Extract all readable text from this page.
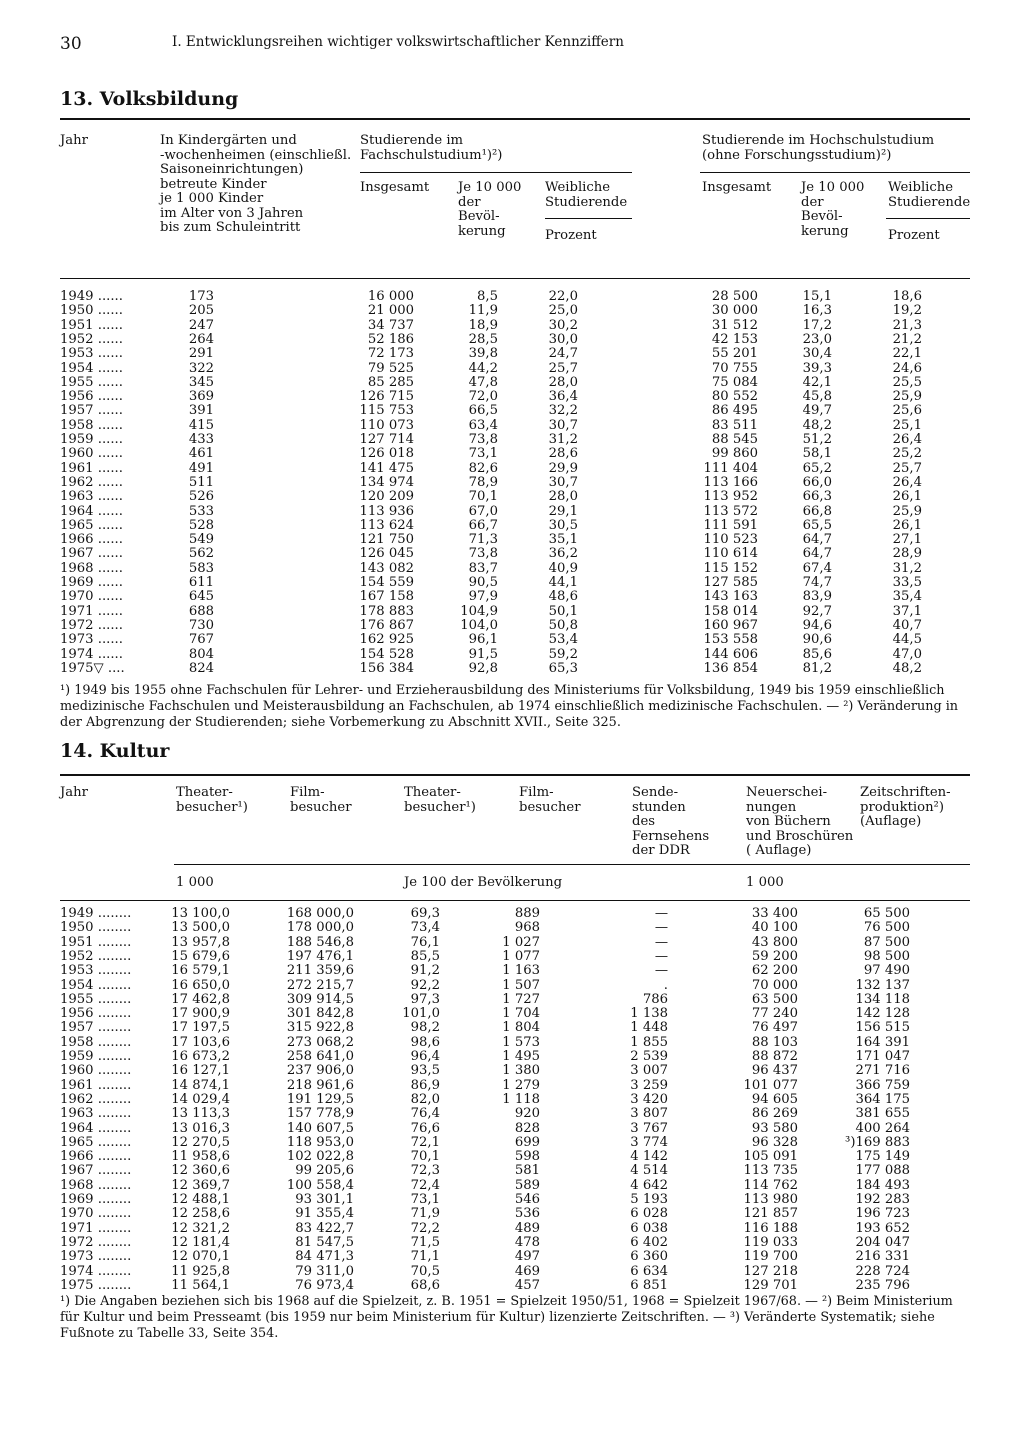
30	I. Entwicklungsreihen wichtiger volkswirtschaftlicher Kennziffern
13. Volksbildung
Jahr	In Kindergärten und
-wochenheimen (einschließl.
Saisoneinrichtungen)
betreute Kinder
je 1 000 Kinder
im Alter von 3 Jahren
bis zum Schuleintritt
Studierende im
Fachschulstudium¹)²)
Studierende im Hochschulstudium
(ohne Forschungsstudium)²)
Insgesamt Je 10 000
der
Bevöl-
kerung
Weibliche
Studierende
Prozent
Insgesamt Je 10 000
der
Bevöl-
kerung
Weibliche
Studierende
Prozent
1949 ......	173	16 000	8,5	22,0	28 500	15,1	18,6
1950 ......	205	21 000	11,9	25,0	30 000	16,3	19,2
1951 ......	247	34 737	18,9	30,2	31 512	17,2	21,3
1952 ......	264	52 186	28,5	30,0	42 153	23,0	21,2
1953 ......	291	72 173	39,8	24,7	55 201	30,4	22,1
1954 ......	322	79 525	44,2	25,7	70 755	39,3	24,6
1955 ......	345	85 285	47,8	28,0	75 084	42,1	25,5
1956 ......	369	126 715	72,0	36,4	80 552	45,8	25,9
1957 ......	391	115 753	66,5	32,2	86 495	49,7	25,6
1958 ......	415	110 073	63,4	30,7	83 511	48,2	25,1
1959 ......	433	127 714	73,8	31,2	88 545	51,2	26,4
1960 ......	461	126 018	73,1	28,6	99 860	58,1	25,2
1961 ......	491	141 475	82,6	29,9	111 404	65,2	25,7
1962 ......	511	134 974	78,9	30,7	113 166	66,0	26,4
1963 ......	526	120 209	70,1	28,0	113 952	66,3	26,1
1964 ......	533	113 936	67,0	29,1	113 572	66,8	25,9
1965 ......	528	113 624	66,7	30,5	111 591	65,5	26,1
1966 ......	549	121 750	71,3	35,1	110 523	64,7	27,1
1967 ......	562	126 045	73,8	36,2	110 614	64,7	28,9
1968 ......	583	143 082	83,7	40,9	115 152	67,4	31,2
1969 ......	611	154 559	90,5	44,1	127 585	74,7	33,5
1970 ......	645	167 158	97,9	48,6	143 163	83,9	35,4
1971 ......	688	178 883	104,9	50,1	158 014	92,7	37,1
1972 ......	730	176 867	104,0	50,8	160 967	94,6	40,7
1973 ......	767	162 925	96,1	53,4	153 558	90,6	44,5
1974 ......	804	154 528	91,5	59,2	144 606	85,6	47,0
1975▽ ....	824	156 384	92,8	65,3	136 854	81,2	48,2
¹) 1949 bis 1955 ohne Fachschulen für Lehrer- und Erzieherausbildung des Ministeriums für Volksbildung, 1949 bis 1959 einschließlich medizinische Fachschulen und Meisterausbildung an Fachschulen, ab 1974 einschließlich medizinische Fachschulen. — ²) Veränderung in der Abgrenzung der Studierenden; siehe Vorbemerkung zu Abschnitt XVII., Seite 325.
14. Kultur
Jahr	Theater-
besucher¹)
Film-
besucher
Theater-
besucher¹)
Film-
besucher
Sende-
stunden
des
Fernsehens
der DDR
Neuerschei-
nungen
von Büchern
und Broschüren
( Auflage)
Zeitschriften-
produktion²)
(Auflage)
1 000	Je 100 der Bevölkerung	1 000
1949 ........	13 100,0	168 000,0	69,3	889	—	33 400	65 500
1950 ........	13 500,0	178 000,0	73,4	968	—	40 100	76 500
1951 ........	13 957,8	188 546,8	76,1	1 027	—	43 800	87 500
1952 ........	15 679,6	197 476,1	85,5	1 077	—	59 200	98 500
1953 ........	16 579,1	211 359,6	91,2	1 163	—	62 200	97 490
1954 ........	16 650,0	272 215,7	92,2	1 507	.	70 000	132 137
1955 ........	17 462,8	309 914,5	97,3	1 727	786	63 500	134 118
1956 ........	17 900,9	301 842,8	101,0	1 704	1 138	77 240	142 128
1957 ........	17 197,5	315 922,8	98,2	1 804	1 448	76 497	156 515
1958 ........	17 103,6	273 068,2	98,6	1 573	1 855	88 103	164 391
1959 ........	16 673,2	258 641,0	96,4	1 495	2 539	88 872	171 047
1960 ........	16 127,1	237 906,0	93,5	1 380	3 007	96 437	271 716
1961 ........	14 874,1	218 961,6	86,9	1 279	3 259	101 077	366 759
1962 ........	14 029,4	191 129,5	82,0	1 118	3 420	94 605	364 175
1963 ........	13 113,3	157 778,9	76,4	920	3 807	86 269	381 655
1964 ........	13 016,3	140 607,5	76,6	828	3 767	93 580	400 264
1965 ........	12 270,5	118 953,0	72,1	699	3 774	96 328	³)169 883
1966 ........	11 958,6	102 022,8	70,1	598	4 142	105 091	175 149
1967 ........	12 360,6	99 205,6	72,3	581	4 514	113 735	177 088
1968 ........	12 369,7	100 558,4	72,4	589	4 642	114 762	184 493
1969 ........	12 488,1	93 301,1	73,1	546	5 193	113 980	192 283
1970 ........	12 258,6	91 355,4	71,9	536	6 028	121 857	196 723
1971 ........	12 321,2	83 422,7	72,2	489	6 038	116 188	193 652
1972 ........	12 181,4	81 547,5	71,5	478	6 402	119 033	204 047
1973 ........	12 070,1	84 471,3	71,1	497	6 360	119 700	216 331
1974 ........	11 925,8	79 311,0	70,5	469	6 634	127 218	228 724
1975 ........	11 564,1	76 973,4	68,6	457	6 851	129 701	235 796
¹) Die Angaben beziehen sich bis 1968 auf die Spielzeit, z. B. 1951 = Spielzeit 1950/51, 1968 = Spielzeit 1967/68. — ²) Beim Ministerium für Kultur und beim Presseamt (bis 1959 nur beim Ministerium für Kultur) lizenzierte Zeitschriften. — ³) Veränderte Systematik; siehe Fußnote zu Tabelle 33, Seite 354.
